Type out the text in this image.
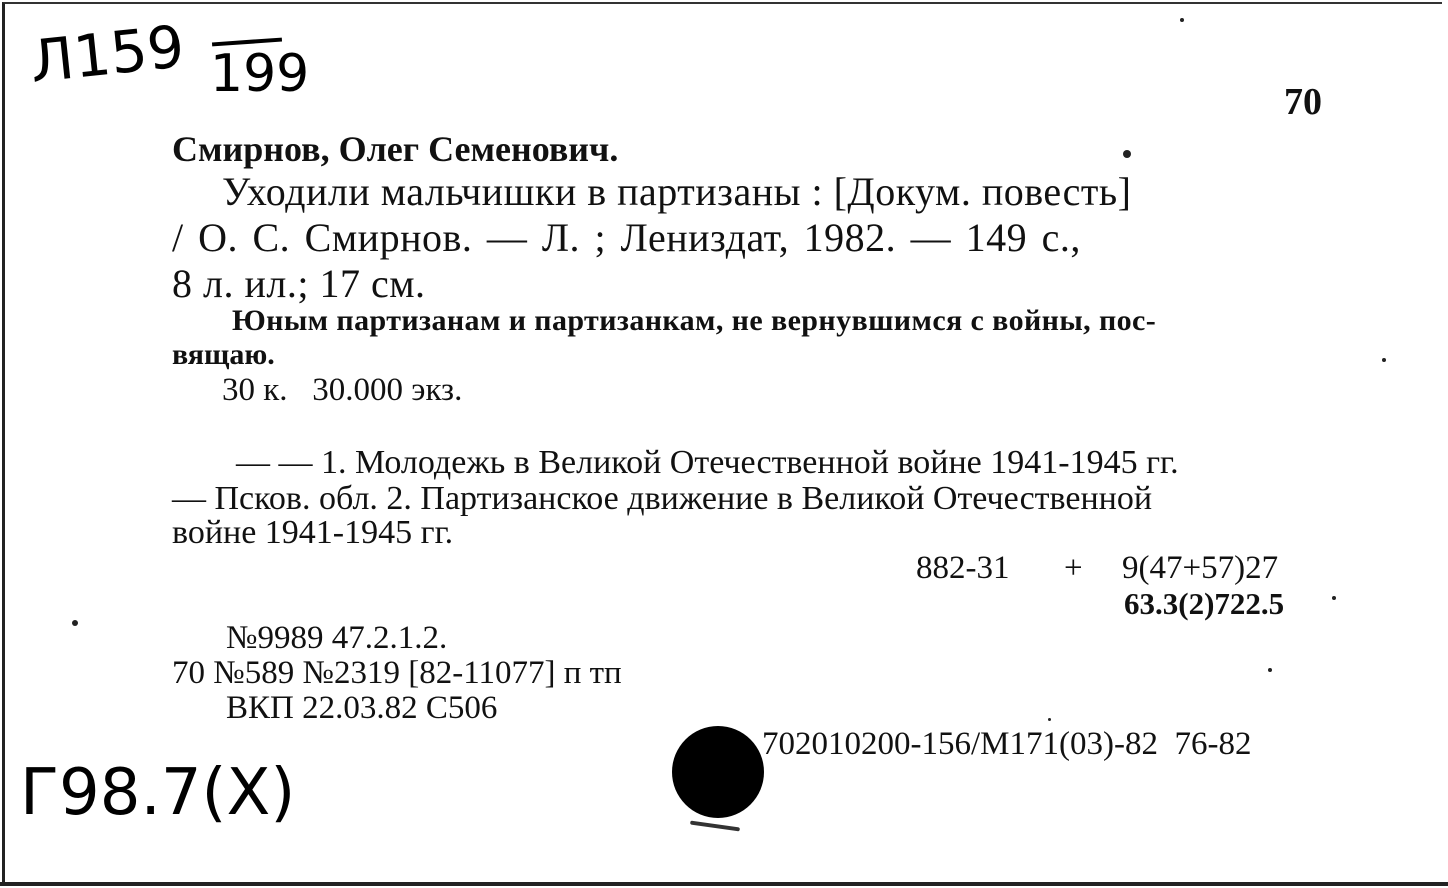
Л159 199
Г98.7(Х)
70
Смирнов, Олег Семенович.
Уходили мальчишки в партизаны : [Докум. повесть]
/ О. С. Смирнов. — Л. ; Лениздат, 1982. — 149 с.,
8 л. ил.; 17 см.
Юным партизанам и партизанкам, не вернувшимся с войны, пос-
вящаю.
30 к.   30.000 экз.
— — 1. Молодежь в Великой Отечественной войне 1941-1945 гг.
— Псков. обл. 2. Партизанское движение в Великой Отечественной
войне 1941-1945 гг.
882-31 + 9(47+57)27
63.3(2)722.5
№9989 47.2.1.2.
70 №589 №2319 [82-11077] п тп
ВКП 22.03.82 С506
702010200-156/М171(03)-82  76-82
